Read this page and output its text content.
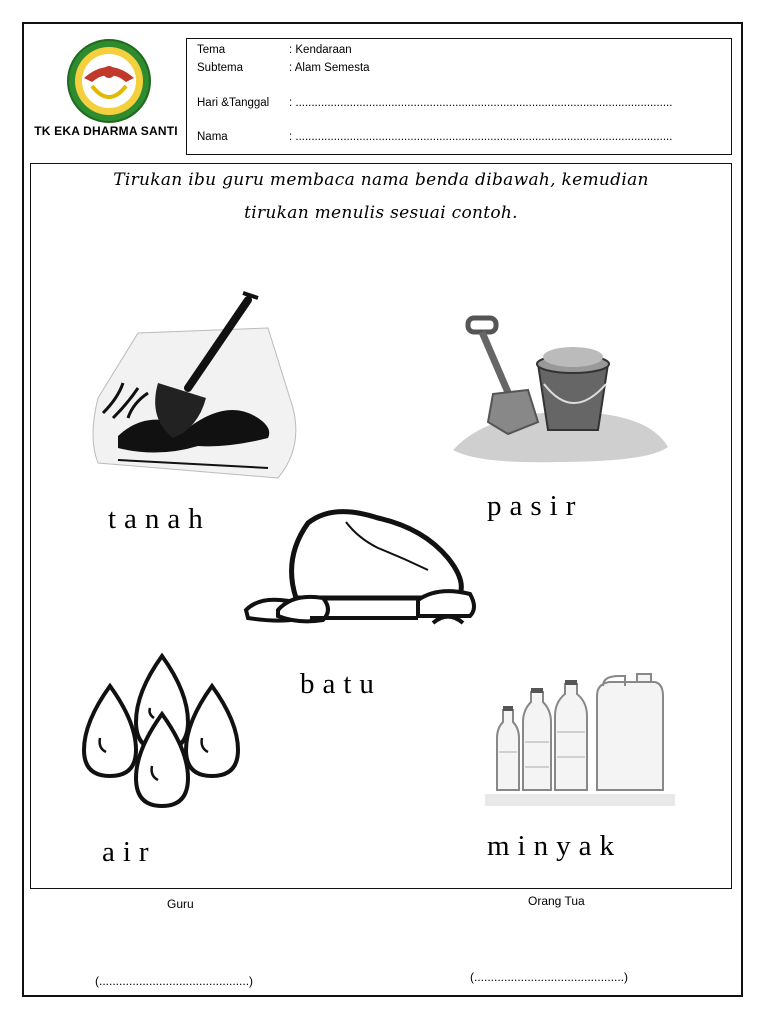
TK EKA DHARMA SANTI
Tema	: Kendaraan
Subtema	: Alam Semesta
Hari &Tanggal : ......................................................................................................................
Nama	: ......................................................................................................................
Tirukan ibu guru membaca nama benda dibawah, kemudian
tirukan menulis sesuai contoh.
tanah	pasir
batu
air	minyak
Guru	Orang Tua
(.............................................)	(.............................................)
